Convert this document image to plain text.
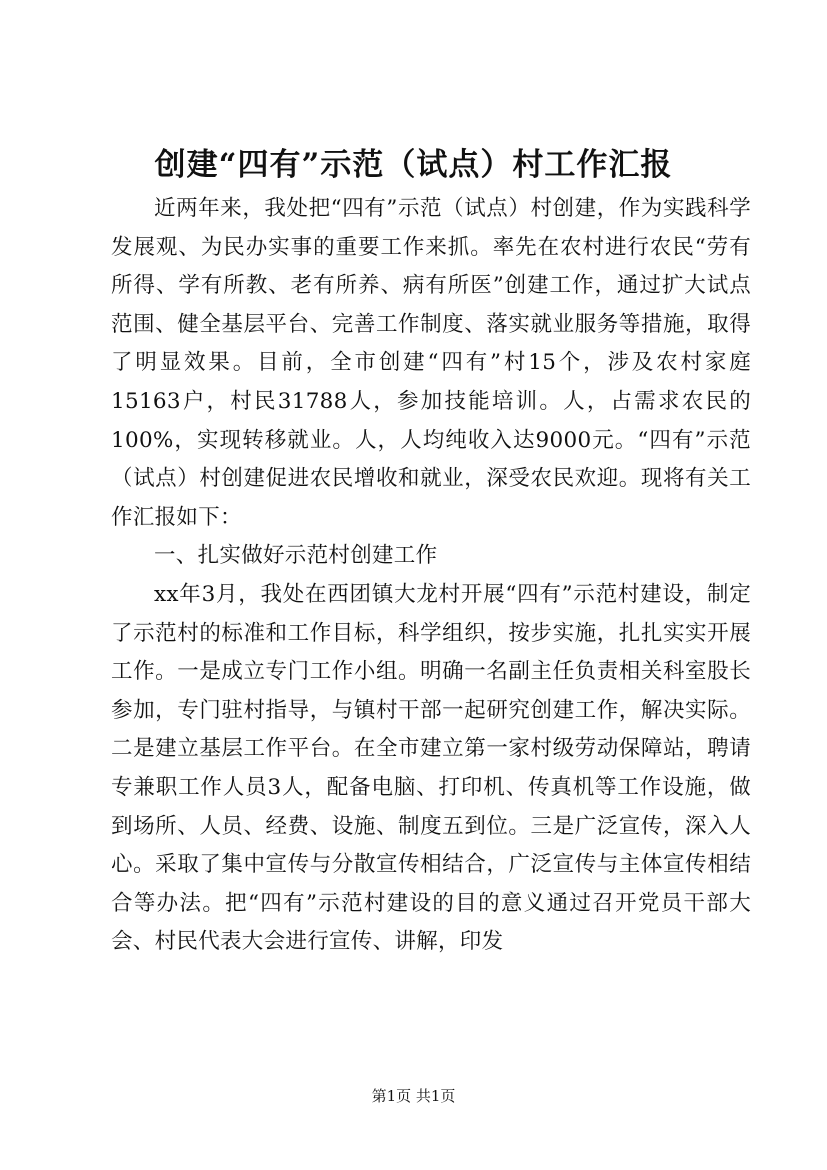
创建“四有”示范（试点）村工作汇报

近两年来，我处把“四有”示范（试点）村创建，作为实践科学发展观、为民办实事的重要工作来抓。率先在农村进行农民“劳有所得、学有所教、老有所养、病有所医”创建工作，通过扩大试点范围、健全基层平台、完善工作制度、落实就业服务等措施，取得了明显效果。目前，全市创建“四有”村15个，涉及农村家庭15163户，村民31788人，参加技能培训。人，占需求农民的100%，实现转移就业。人，人均纯收入达9000元。“四有”示范（试点）村创建促进农民增收和就业，深受农民欢迎。现将有关工作汇报如下：

一、扎实做好示范村创建工作

xx年3月，我处在西团镇大龙村开展“四有”示范村建设，制定了示范村的标准和工作目标，科学组织，按步实施，扎扎实实开展工作。一是成立专门工作小组。明确一名副主任负责相关科室股长参加，专门驻村指导，与镇村干部一起研究创建工作，解决实际。二是建立基层工作平台。在全市建立第一家村级劳动保障站，聘请专兼职工作人员3人，配备电脑、打印机、传真机等工作设施，做到场所、人员、经费、设施、制度五到位。三是广泛宣传，深入人心。采取了集中宣传与分散宣传相结合，广泛宣传与主体宣传相结合等办法。把“四有”示范村建设的目的意义通过召开党员干部大会、村民代表大会进行宣传、讲解，印发

第1页 共1页
